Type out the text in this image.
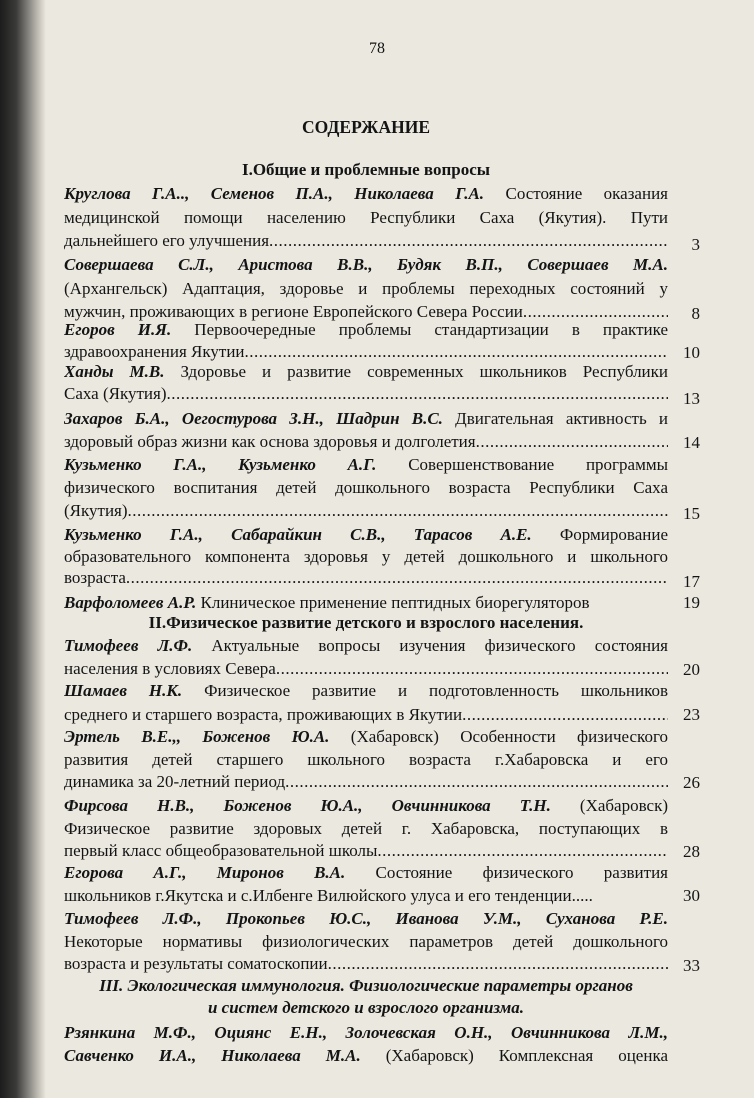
78
СОДЕРЖАНИЕ
I.Общие и проблемные вопросы
Круглова Г.А.., Семенов П.А., Николаева Г.А. Состояние оказания
медицинской помощи населению Республики Саха (Якутия). Пути
дальнейшего его улучшения .....	3
Совершаева С.Л., Аристова В.В., Будяк В.П., Совершаев М.А.
(Архангельск) Адаптация, здоровье и проблемы переходных состояний у
мужчин, проживающих в регионе Европейского Севера России .....	8
Егоров И.Я. Первоочередные проблемы стандартизации в практике
здравоохранения Якутии .....	10
Ханды М.В. Здоровье и развитие современных школьников Республики
Саха (Якутия) .....	13
Захаров Б.А., Оегостурова З.Н., Шадрин В.С. Двигательная активность и
здоровый образ жизни как основа здоровья и долголетия .....	14
Кузьменко Г.А., Кузьменко А.Г. Совершенствование программы
физического воспитания детей дошкольного возраста Республики Саха
(Якутия) .....	15
Кузьменко Г.А., Сабарайкин С.В., Тарасов А.Е. Формирование
образовательного компонента здоровья у детей дошкольного и школьного
возраста .....	17
Варфоломеев А.Р. Клиническое применение пептидных биорегуляторов	19
II.Физическое развитие детского и взрослого населения.
Тимофеев Л.Ф. Актуальные вопросы изучения физического состояния
населения в условиях Севера .....	20
Шамаев Н.К. Физическое развитие и подготовленность школьников
среднего и старшего возраста, проживающих в Якутии .....	23
Эртель В.Е.,, Боженов Ю.А. (Хабаровск) Особенности физического
развития детей старшего школьного возраста г.Хабаровска и его
динамика за 20-летний период .....	26
Фирсова Н.В., Боженов Ю.А., Овчинникова Т.Н. (Хабаровск)
Физическое развитие здоровых детей г. Хабаровска, поступающих в
первый класс общеобразовательной школы .....	28
Егорова А.Г., Миронов В.А. Состояние физического развития
школьников г.Якутска и с.Илбенге Вилюйского улуса и его тенденции.....	30
Тимофеев Л.Ф., Прокопьев Ю.С., Иванова У.М., Суханова Р.Е.
Некоторые нормативы физиологических параметров детей дошкольного
возраста и результаты соматоскопии .....	33
III. Экологическая иммунология. Физиологические параметры органов
и систем детского и взрослого организма.
Рзянкина М.Ф., Оциянс Е.Н., Золочевская О.Н., Овчинникова Л.М.,
Савченко И.А., Николаева М.А. (Хабаровск) Комплексная оценка
